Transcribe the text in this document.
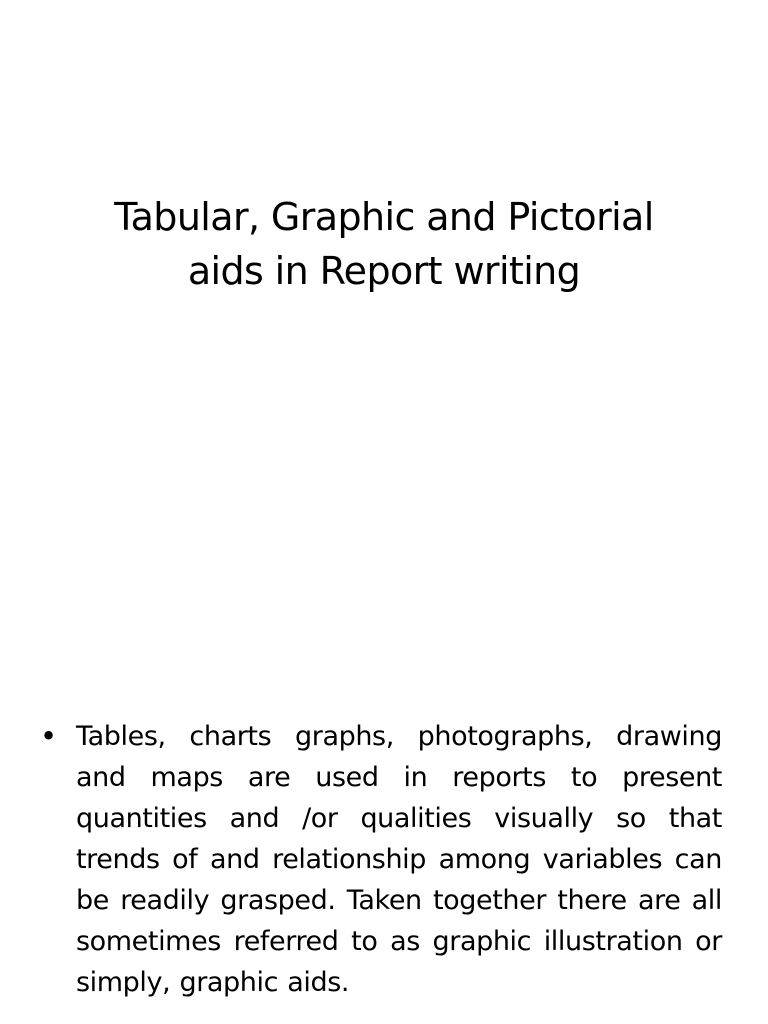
Tabular, Graphic and Pictorial
aids in Report writing
• Tables, charts graphs, photographs, drawing and maps are used in reports to present quantities and /or qualities visually so that trends of and relationship among variables can be readily grasped. Taken together there are all sometimes referred to as graphic illustration or simply, graphic aids.
